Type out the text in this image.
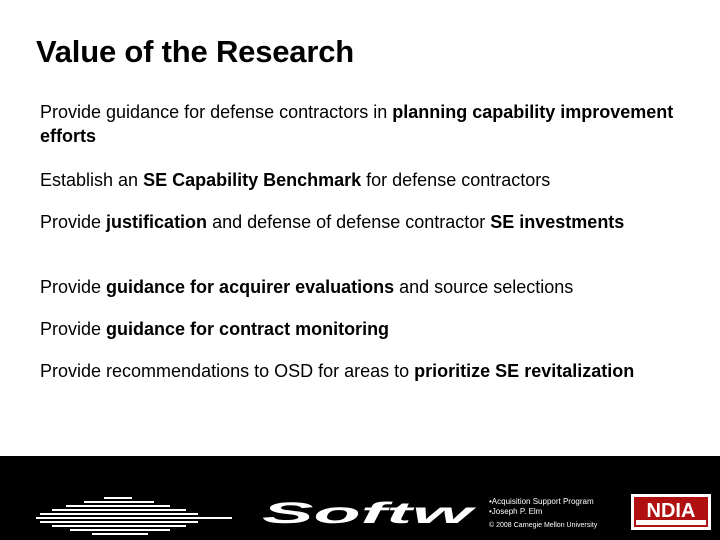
Value of the Research
Provide guidance for defense contractors in planning capability improvement efforts
Establish an SE Capability Benchmark for defense contractors
Provide justification and defense of defense contractor SE investments
Provide guidance for acquirer evaluations and source selections
Provide guidance for contract monitoring
Provide recommendations to OSD for areas to prioritize SE revitalization
Softw •Acquisition Support Program
•Joseph P. Elm
© 2008 Carnegie Mellon University
NDIA
